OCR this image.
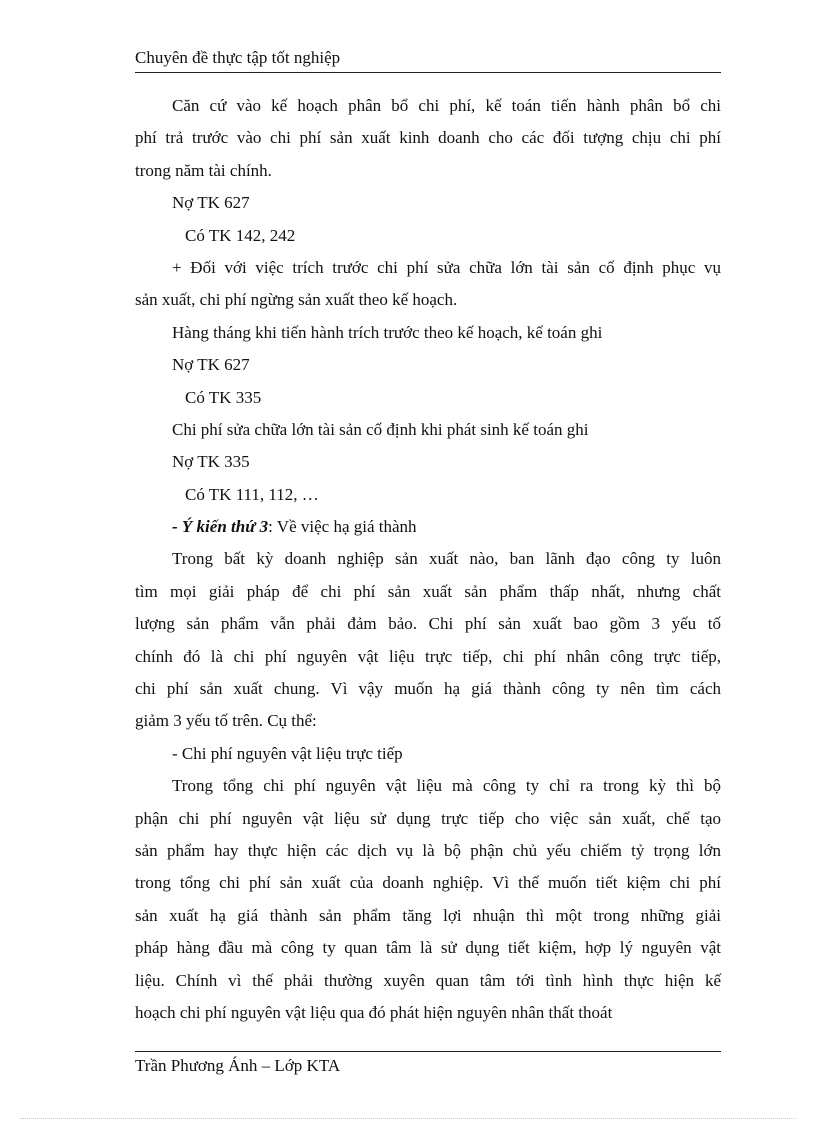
Chuyên đề thực tập tốt nghiệp
Căn cứ vào kế hoạch phân bổ chi phí, kế toán tiến hành phân bổ chi
phí trả trước vào chi phí sản xuất kinh doanh cho các đối tượng chịu chi phí
trong năm tài chính.
Nợ TK 627
Có TK 142, 242
+ Đối với việc trích trước chi phí sửa chữa lớn tài sản cố định phục vụ
sản xuất, chi phí ngừng sản xuất theo kế hoạch.
Hàng tháng khi tiến hành trích trước theo kế hoạch, kế toán ghi
Nợ TK 627
Có TK 335
Chi phí sửa chữa lớn tài sản cố định khi phát sinh kế toán ghi
Nợ TK 335
Có TK 111, 112, …
- Ý kiến thứ 3: Về việc hạ giá thành
Trong bất kỳ doanh nghiệp sản xuất nào, ban lãnh đạo công ty luôn
tìm mọi giải pháp để chi phí sản xuất sản phẩm thấp nhất, nhưng chất
lượng sản phẩm vẫn phải đảm bảo. Chi phí sản xuất bao gồm 3 yếu tố
chính đó là chi phí nguyên vật liệu trực tiếp, chi phí nhân công trực tiếp,
chi phí sản xuất chung. Vì vậy muốn hạ giá thành công ty nên tìm cách
giảm 3 yếu tố trên. Cụ thể:
- Chi phí nguyên vật liệu trực tiếp
Trong tổng chi phí nguyên vật liệu mà công ty chỉ ra trong kỳ thì bộ
phận chi phí nguyên vật liệu sử dụng trực tiếp cho việc sản xuất, chế tạo
sản phẩm hay thực hiện các dịch vụ là bộ phận chủ yếu chiếm tỷ trọng lớn
trong tổng chi phí sản xuất của doanh nghiệp. Vì thế muốn tiết kiệm chi phí
sản xuất hạ giá thành sản phẩm tăng lợi nhuận thì một trong những giải
pháp hàng đầu mà công ty quan tâm là sử dụng tiết kiệm, hợp lý nguyên vật
liệu. Chính vì thế phải thường xuyên quan tâm tới tình hình thực hiện kế
hoạch chi phí nguyên vật liệu qua đó phát hiện nguyên nhân thất thoát
Trần Phương Ánh – Lớp KTA
